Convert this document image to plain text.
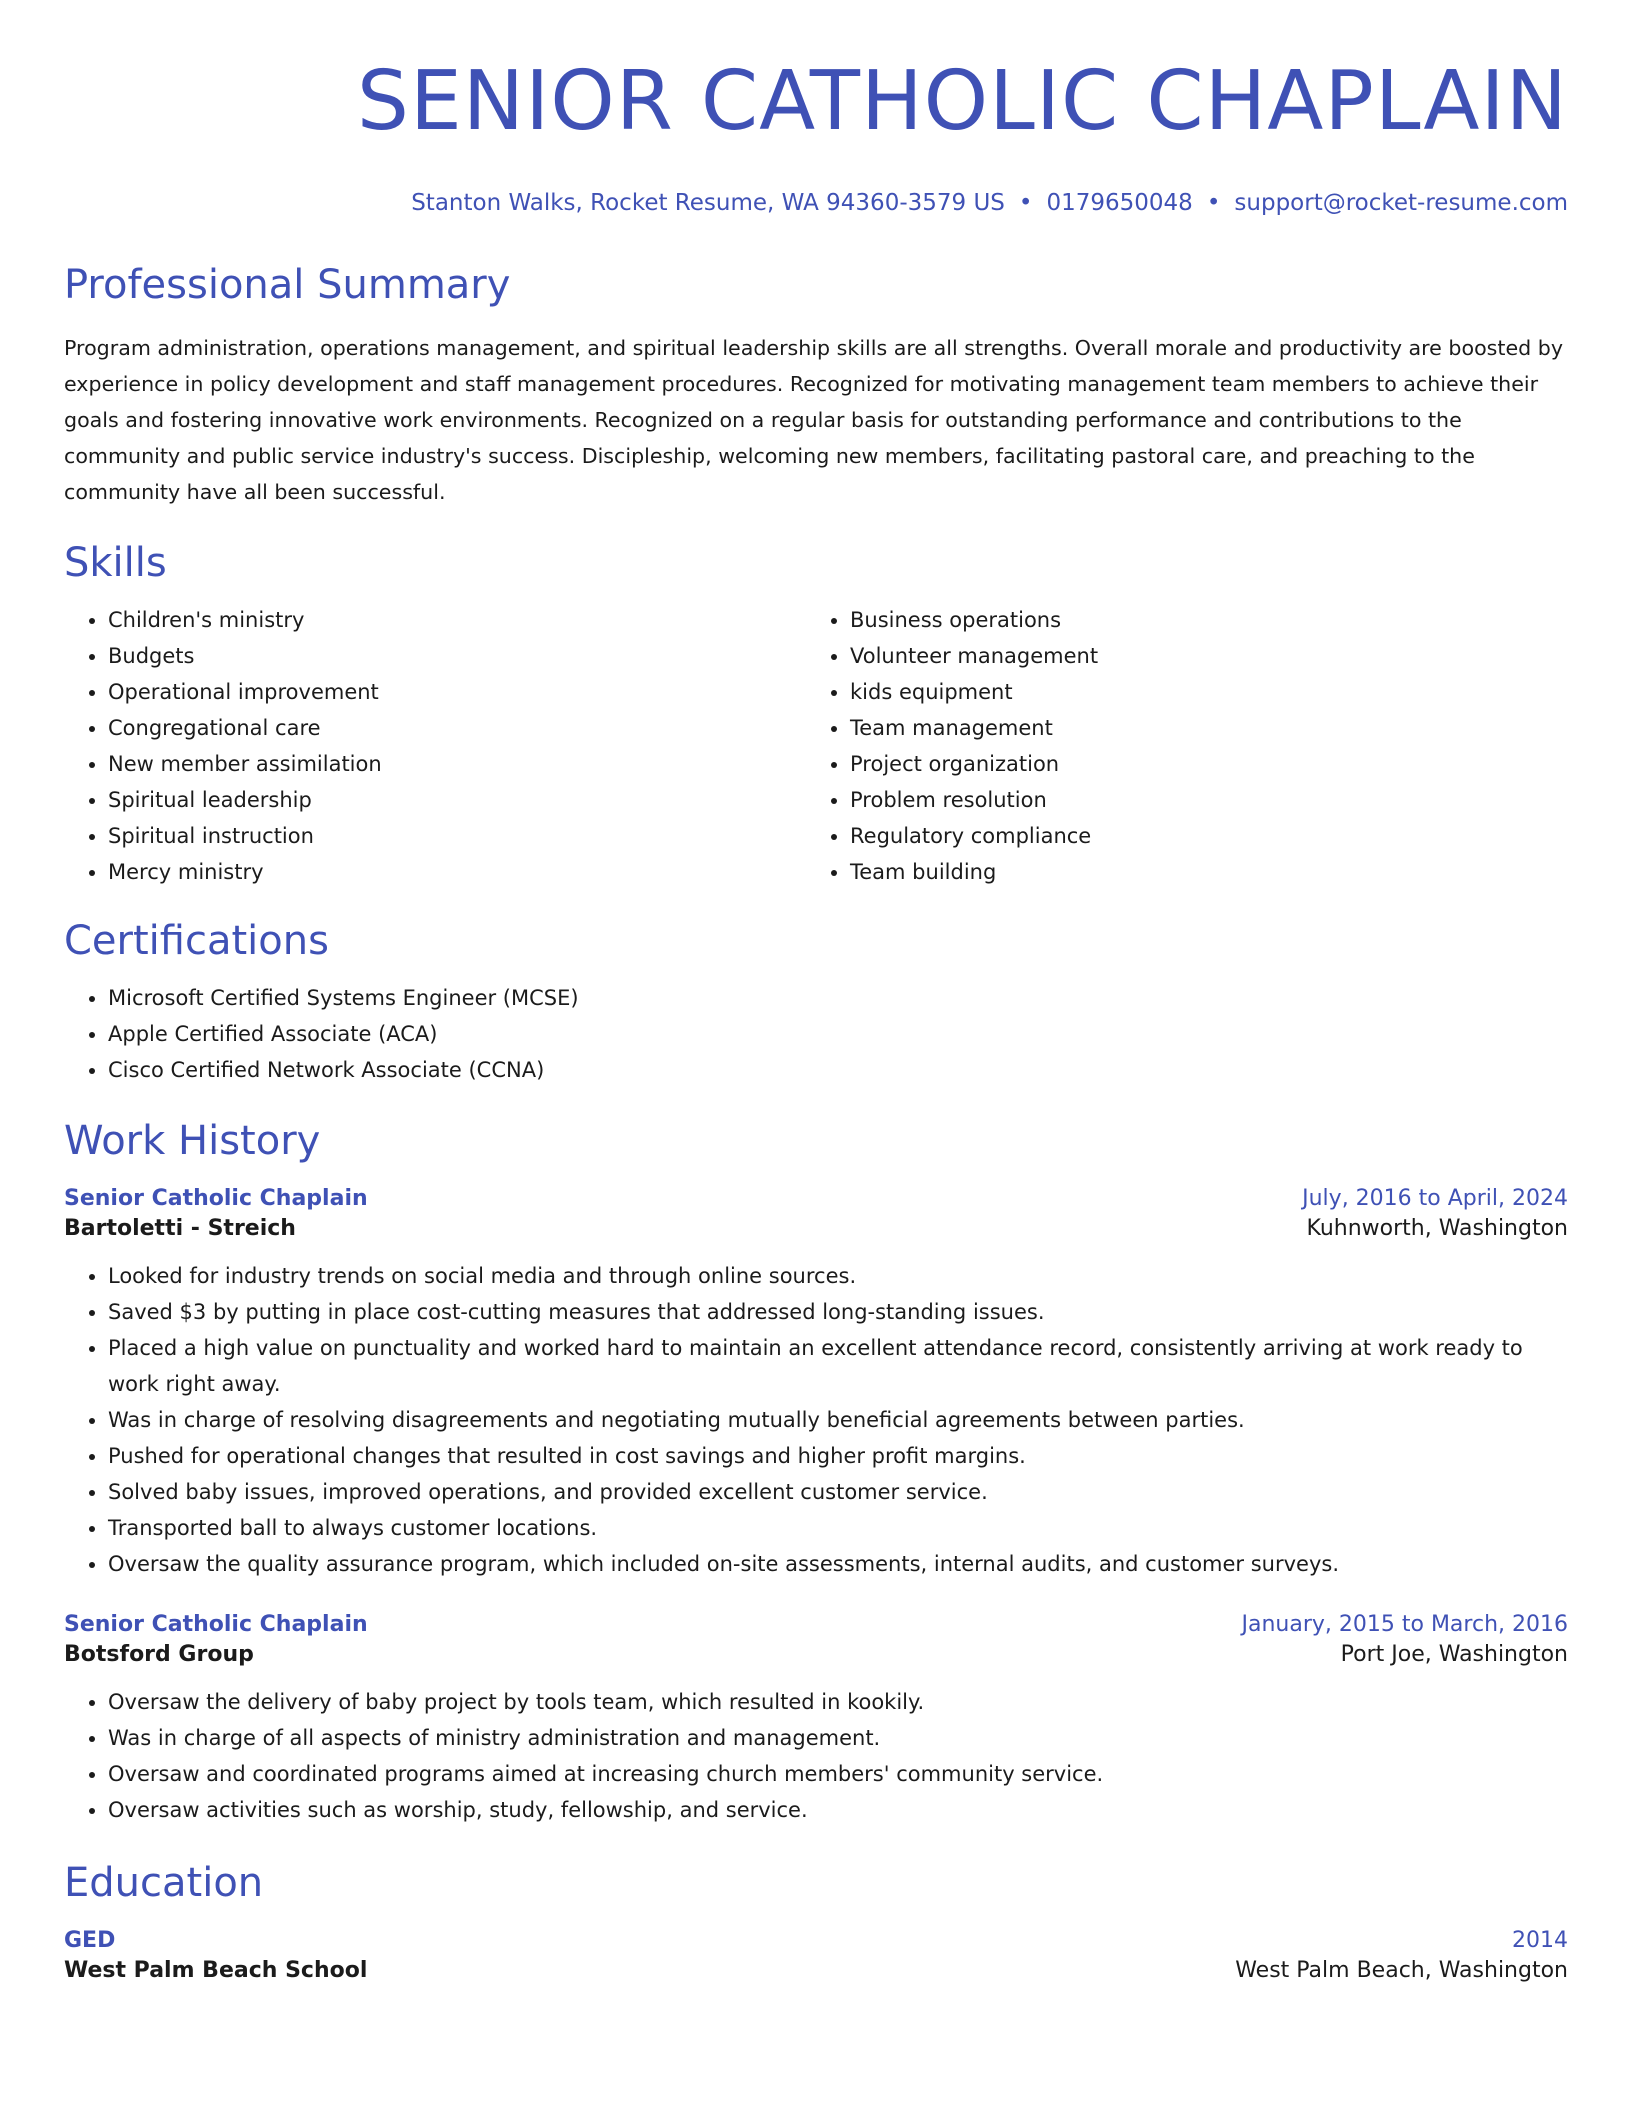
SENIOR CATHOLIC CHAPLAIN
Stanton Walks, Rocket Resume, WA 94360-3579 US • 0179650048 • support@rocket-resume.com
Professional Summary

Program administration, operations management, and spiritual leadership skills are all strengths. Overall morale and productivity are boosted by experience in policy development and staff management procedures. Recognized for motivating management team members to achieve their goals and fostering innovative work environments. Recognized on a regular basis for outstanding performance and contributions to the community and public service industry's success. Discipleship, welcoming new members, facilitating pastoral care, and preaching to the community have all been successful.

Skills
• Children's ministry
• Budgets
• Operational improvement
• Congregational care
• New member assimilation
• Spiritual leadership
• Spiritual instruction
• Mercy ministry
• Business operations
• Volunteer management
• kids equipment
• Team management
• Project organization
• Problem resolution
• Regulatory compliance
• Team building
Certifications
• Microsoft Certified Systems Engineer (MCSE)
• Apple Certified Associate (ACA)
• Cisco Certified Network Associate (CCNA)
Work History
Senior Catholic Chaplain	July, 2016 to April, 2024
Bartoletti - Streich	Kuhnworth, Washington
• Looked for industry trends on social media and through online sources.
• Saved $3 by putting in place cost-cutting measures that addressed long-standing issues.
• Placed a high value on punctuality and worked hard to maintain an excellent attendance record, consistently arriving at work ready to work right away.
• Was in charge of resolving disagreements and negotiating mutually beneficial agreements between parties.
• Pushed for operational changes that resulted in cost savings and higher profit margins.
• Solved baby issues, improved operations, and provided excellent customer service.
• Transported ball to always customer locations.
• Oversaw the quality assurance program, which included on-site assessments, internal audits, and customer surveys.
Senior Catholic Chaplain	January, 2015 to March, 2016
Botsford Group	Port Joe, Washington
• Oversaw the delivery of baby project by tools team, which resulted in kookily.
• Was in charge of all aspects of ministry administration and management.
• Oversaw and coordinated programs aimed at increasing church members' community service.
• Oversaw activities such as worship, study, fellowship, and service.
Education
GED	2014
West Palm Beach School	West Palm Beach, Washington
